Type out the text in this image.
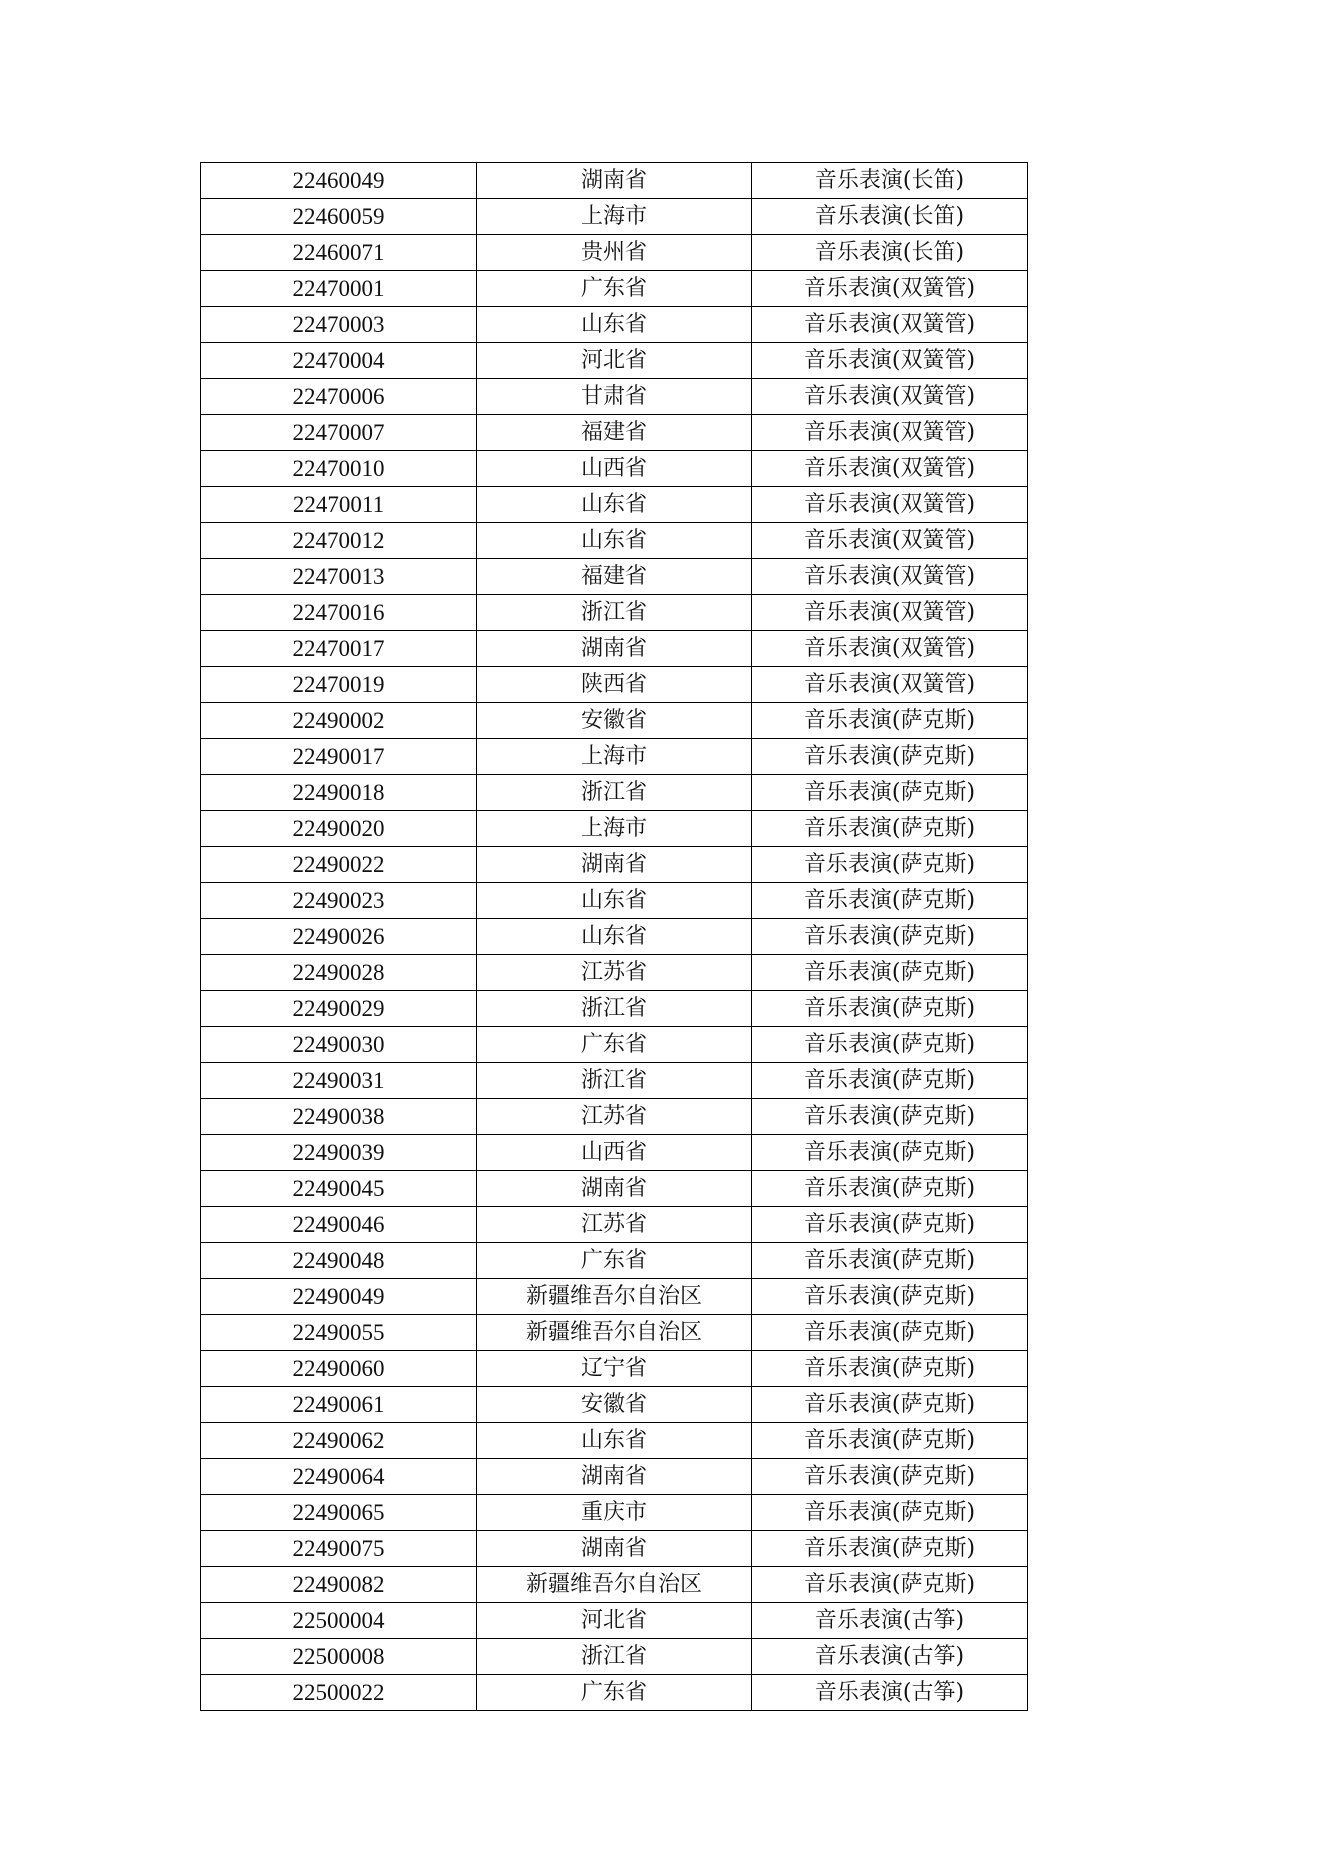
22460049	湖南省	音乐表演(长笛)
22460059	上海市	音乐表演(长笛)
22460071	贵州省	音乐表演(长笛)
22470001	广东省	音乐表演(双簧管)
22470003	山东省	音乐表演(双簧管)
22470004	河北省	音乐表演(双簧管)
22470006	甘肃省	音乐表演(双簧管)
22470007	福建省	音乐表演(双簧管)
22470010	山西省	音乐表演(双簧管)
22470011	山东省	音乐表演(双簧管)
22470012	山东省	音乐表演(双簧管)
22470013	福建省	音乐表演(双簧管)
22470016	浙江省	音乐表演(双簧管)
22470017	湖南省	音乐表演(双簧管)
22470019	陕西省	音乐表演(双簧管)
22490002	安徽省	音乐表演(萨克斯)
22490017	上海市	音乐表演(萨克斯)
22490018	浙江省	音乐表演(萨克斯)
22490020	上海市	音乐表演(萨克斯)
22490022	湖南省	音乐表演(萨克斯)
22490023	山东省	音乐表演(萨克斯)
22490026	山东省	音乐表演(萨克斯)
22490028	江苏省	音乐表演(萨克斯)
22490029	浙江省	音乐表演(萨克斯)
22490030	广东省	音乐表演(萨克斯)
22490031	浙江省	音乐表演(萨克斯)
22490038	江苏省	音乐表演(萨克斯)
22490039	山西省	音乐表演(萨克斯)
22490045	湖南省	音乐表演(萨克斯)
22490046	江苏省	音乐表演(萨克斯)
22490048	广东省	音乐表演(萨克斯)
22490049	新疆维吾尔自治区	音乐表演(萨克斯)
22490055	新疆维吾尔自治区	音乐表演(萨克斯)
22490060	辽宁省	音乐表演(萨克斯)
22490061	安徽省	音乐表演(萨克斯)
22490062	山东省	音乐表演(萨克斯)
22490064	湖南省	音乐表演(萨克斯)
22490065	重庆市	音乐表演(萨克斯)
22490075	湖南省	音乐表演(萨克斯)
22490082	新疆维吾尔自治区	音乐表演(萨克斯)
22500004	河北省	音乐表演(古筝)
22500008	浙江省	音乐表演(古筝)
22500022	广东省	音乐表演(古筝)
